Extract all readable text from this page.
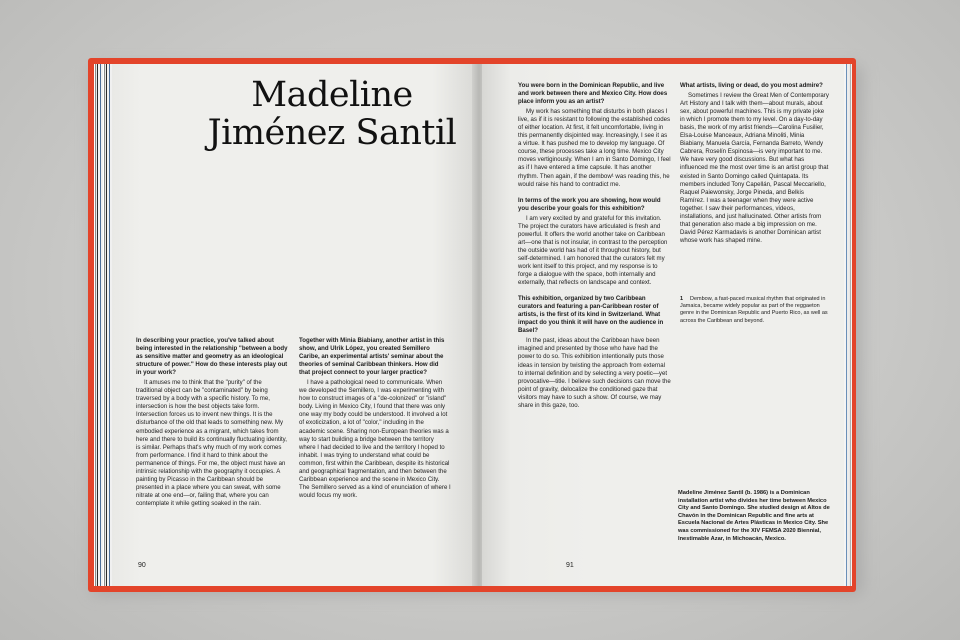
Madeline
Jiménez Santil

In describing your practice, you've talked about being interested in the relationship "between a body as sensitive matter and geometry as an ideological structure of power." How do these interests play out in your work?

It amuses me to think that the "purity" of the traditional object can be "contaminated" by being traversed by a body with a specific history. To me, intersection is how the best objects take form. Intersection forces us to invent new things. It is the disturbance of the old that leads to something new. My embodied experience as a migrant, which takes from here and there to build its continually fluctuating identity, is similar. Perhaps that's why much of my work comes from performance. I find it hard to think about the permanence of things. For me, the object must have an intrinsic relationship with the geography it occupies. A painting by Picasso in the Caribbean should be presented in a place where you can sweat, with some nitrate at one end—or, failing that, where you can contemplate it while getting soaked in the rain.

Together with Minia Biabiany, another artist in this show, and Ulrik López, you created Semillero Caribe, an experimental artists' seminar about the theories of seminal Caribbean thinkers. How did that project connect to your larger practice?

I have a pathological need to communicate. When we developed the Semillero, I was experimenting with how to construct images of a "de-colonized" or "island" body. Living in Mexico City, I found that there was only one way my body could be understood. It involved a lot of exoticization, a lot of "color," including in the academic scene. Sharing non-European theories was a way to start building a bridge between the territory where I had decided to live and the territory I hoped to inhabit. I was trying to understand what could be common, first within the Caribbean, despite its historical and geographical fragmentation, and then between the Caribbean experience and the scene in Mexico City. The Semillero served as a kind of enunciation of where I would focus my work.

90

You were born in the Dominican Republic, and live and work between there and Mexico City. How does place inform you as an artist?

My work has something that disturbs in both places I live, as if it is resistant to following the established codes of either location. At first, it felt uncomfortable, living in this permanently disjointed way. Increasingly, I see it as a virtue. It has pushed me to develop my language. Of course, these processes take a long time. Mexico City moves vertiginously. When I am in Santo Domingo, I feel as if I have entered a time capsule. It has another rhythm. Then again, if the dembow¹ was reading this, he would raise his hand to contradict me.

In terms of the work you are showing, how would you describe your goals for this exhibition?

I am very excited by and grateful for this invitation. The project the curators have articulated is fresh and powerful. It offers the world another take on Caribbean art—one that is not insular, in contrast to the perception the outside world has had of it throughout history, but self-determined. I am honored that the curators felt my work lent itself to this project, and my response is to forge a dialogue with the space, both internally and externally, that reflects on landscape and context.

This exhibition, organized by two Caribbean curators and featuring a pan-Caribbean roster of artists, is the first of its kind in Switzerland. What impact do you think it will have on the audience in Basel?

In the past, ideas about the Caribbean have been imagined and presented by those who have had the power to do so. This exhibition intentionally puts those ideas in tension by twisting the approach from external to internal definition and by selecting a very poetic—yet provocative—title. I believe such decisions can move the point of gravity, delocalize the conditioned gaze that visitors may have to such a show. Of course, we may share in this gaze, too.

What artists, living or dead, do you most admire?

Sometimes I review the Great Men of Contemporary Art History and I talk with them—about murals, about sex, about powerful machines. This is my private joke in which I promote them to my level. On a day-to-day basis, the work of my artist friends—Carolina Fusilier, Elsa-Louise Manceaux, Adriana Minoliti, Minia Biabiany, Manuela García, Fernanda Barreto, Wendy Cabrera, Roselín Espinosa—is very important to me. We have very good discussions. But what has influenced me the most over time is an artist group that existed in Santo Domingo called Quintapata. Its members included Tony Capellán, Pascal Meccariello, Raquel Paiewonsky, Jorge Pineda, and Belkis Ramírez. I was a teenager when they were active together. I saw their performances, videos, installations, and just hallucinated. Other artists from that generation also made a big impression on me. David Pérez Karmadavis is another Dominican artist whose work has shaped mine.

1 Dembow, a fast-paced musical rhythm that originated in Jamaica, became widely popular as part of the reggaeton genre in the Dominican Republic and Puerto Rico, as well as across the Caribbean and beyond.
Madeline Jiménez Santil (b. 1986) is a Dominican installation artist who divides her time between Mexico City and Santo Domingo. She studied design at Altos de Chavón in the Dominican Republic and fine arts at Escuela Nacional de Artes Plásticas in Mexico City. She was commissioned for the XIV FEMSA 2020 Biennial, Inestimable Azar, in Michoacán, Mexico.
91
